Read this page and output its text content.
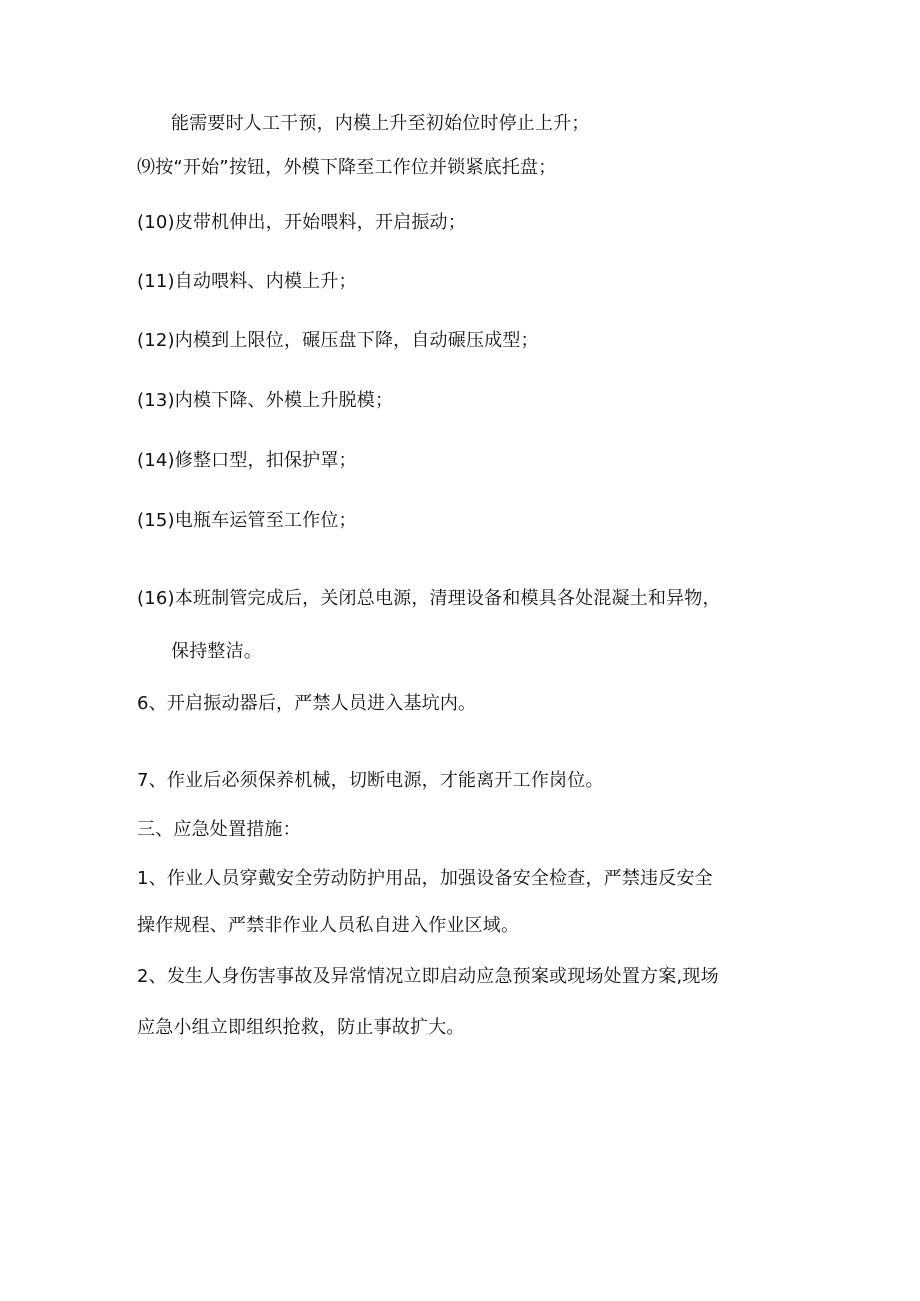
能需要时人工干预，内模上升至初始位时停止上升；
⑼按“开始”按钮，外模下降至工作位并锁紧底托盘；
(10)皮带机伸出，开始喂料，开启振动；
(11)自动喂料、内模上升；
(12)内模到上限位，碾压盘下降，自动碾压成型；
(13)内模下降、外模上升脱模；
(14)修整口型，扣保护罩；
(15)电瓶车运管至工作位；
(16)本班制管完成后，关闭总电源，清理设备和模具各处混凝土和异物，
保持整洁。
6、开启振动器后，严禁人员进入基坑内。
7、作业后必须保养机械，切断电源，才能离开工作岗位。
三、应急处置措施：
1、作业人员穿戴安全劳动防护用品，加强设备安全检查，严禁违反安全
操作规程、严禁非作业人员私自进入作业区域。
2、发生人身伤害事故及异常情况立即启动应急预案或现场处置方案,现场
应急小组立即组织抢救，防止事故扩大。
